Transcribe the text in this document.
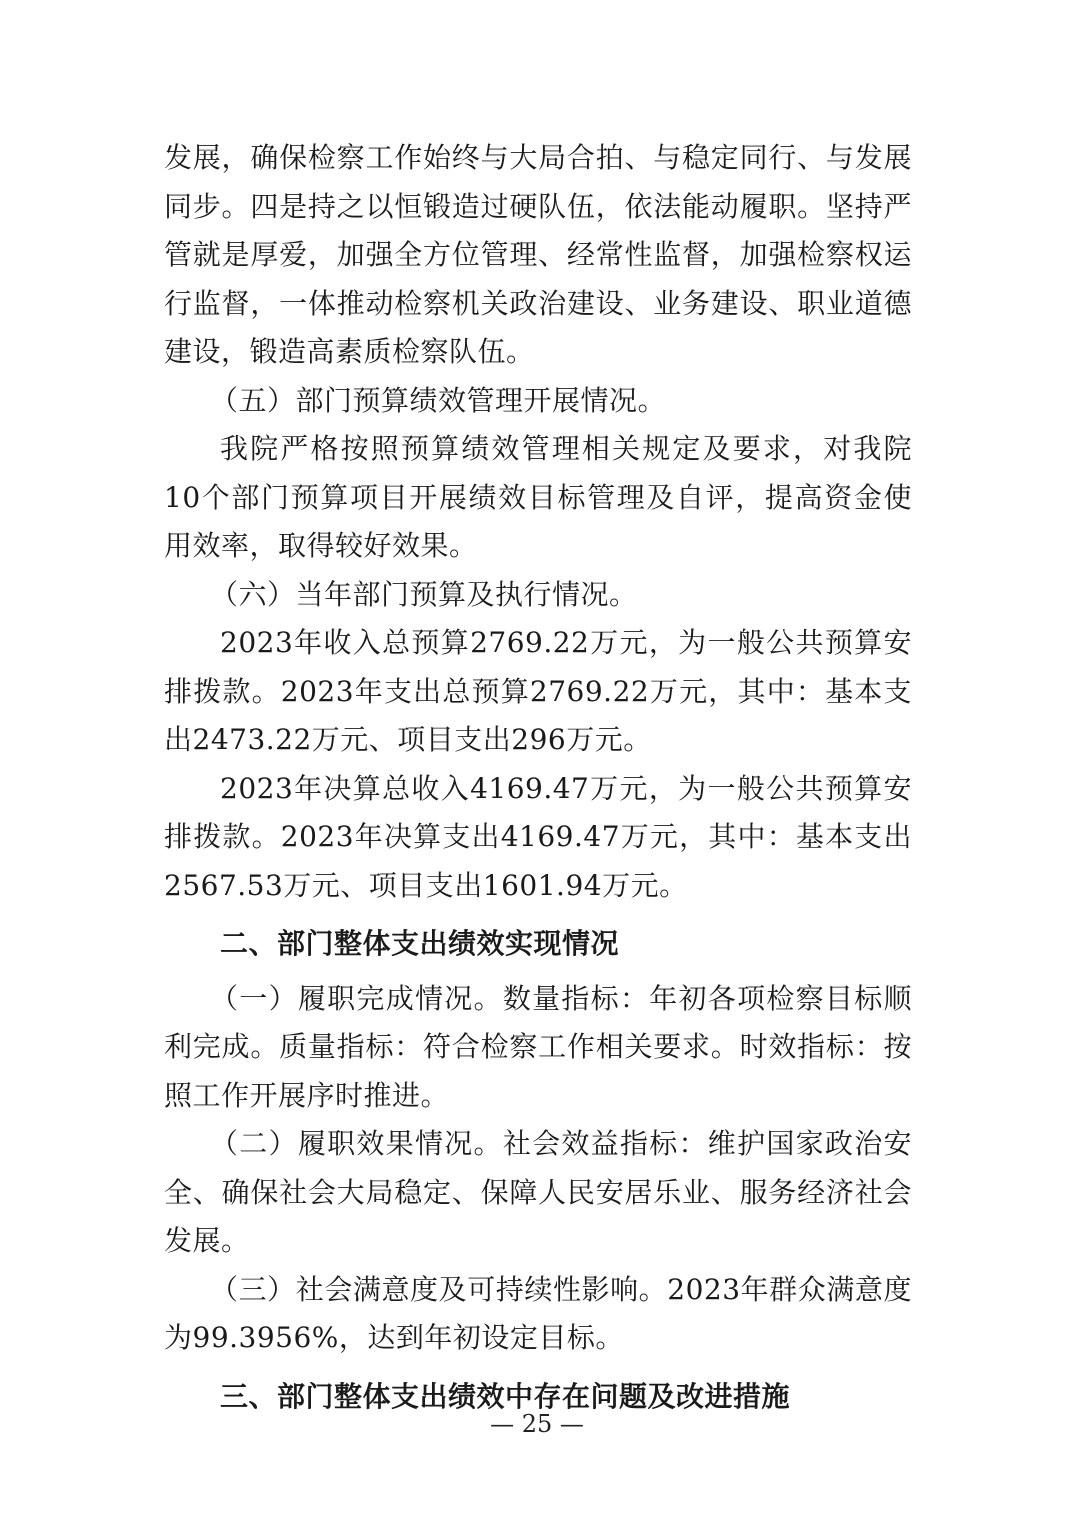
发展，确保检察工作始终与大局合拍、与稳定同行、与发展同步。四是持之以恒锻造过硬队伍，依法能动履职。坚持严管就是厚爱，加强全方位管理、经常性监督，加强检察权运行监督，一体推动检察机关政治建设、业务建设、职业道德建设，锻造高素质检察队伍。

（五）部门预算绩效管理开展情况。

我院严格按照预算绩效管理相关规定及要求，对我院10个部门预算项目开展绩效目标管理及自评，提高资金使用效率，取得较好效果。

（六）当年部门预算及执行情况。

2023年收入总预算2769.22万元，为一般公共预算安排拨款。2023年支出总预算2769.22万元，其中：基本支出2473.22万元、项目支出296万元。

2023年决算总收入4169.47万元，为一般公共预算安排拨款。2023年决算支出4169.47万元，其中：基本支出2567.53万元、项目支出1601.94万元。

二、部门整体支出绩效实现情况

（一）履职完成情况。数量指标：年初各项检察目标顺利完成。质量指标：符合检察工作相关要求。时效指标：按照工作开展序时推进。

（二）履职效果情况。社会效益指标：维护国家政治安全、确保社会大局稳定、保障人民安居乐业、服务经济社会发展。

（三）社会满意度及可持续性影响。2023年群众满意度为99.3956%，达到年初设定目标。

三、部门整体支出绩效中存在问题及改进措施

— 25 —
